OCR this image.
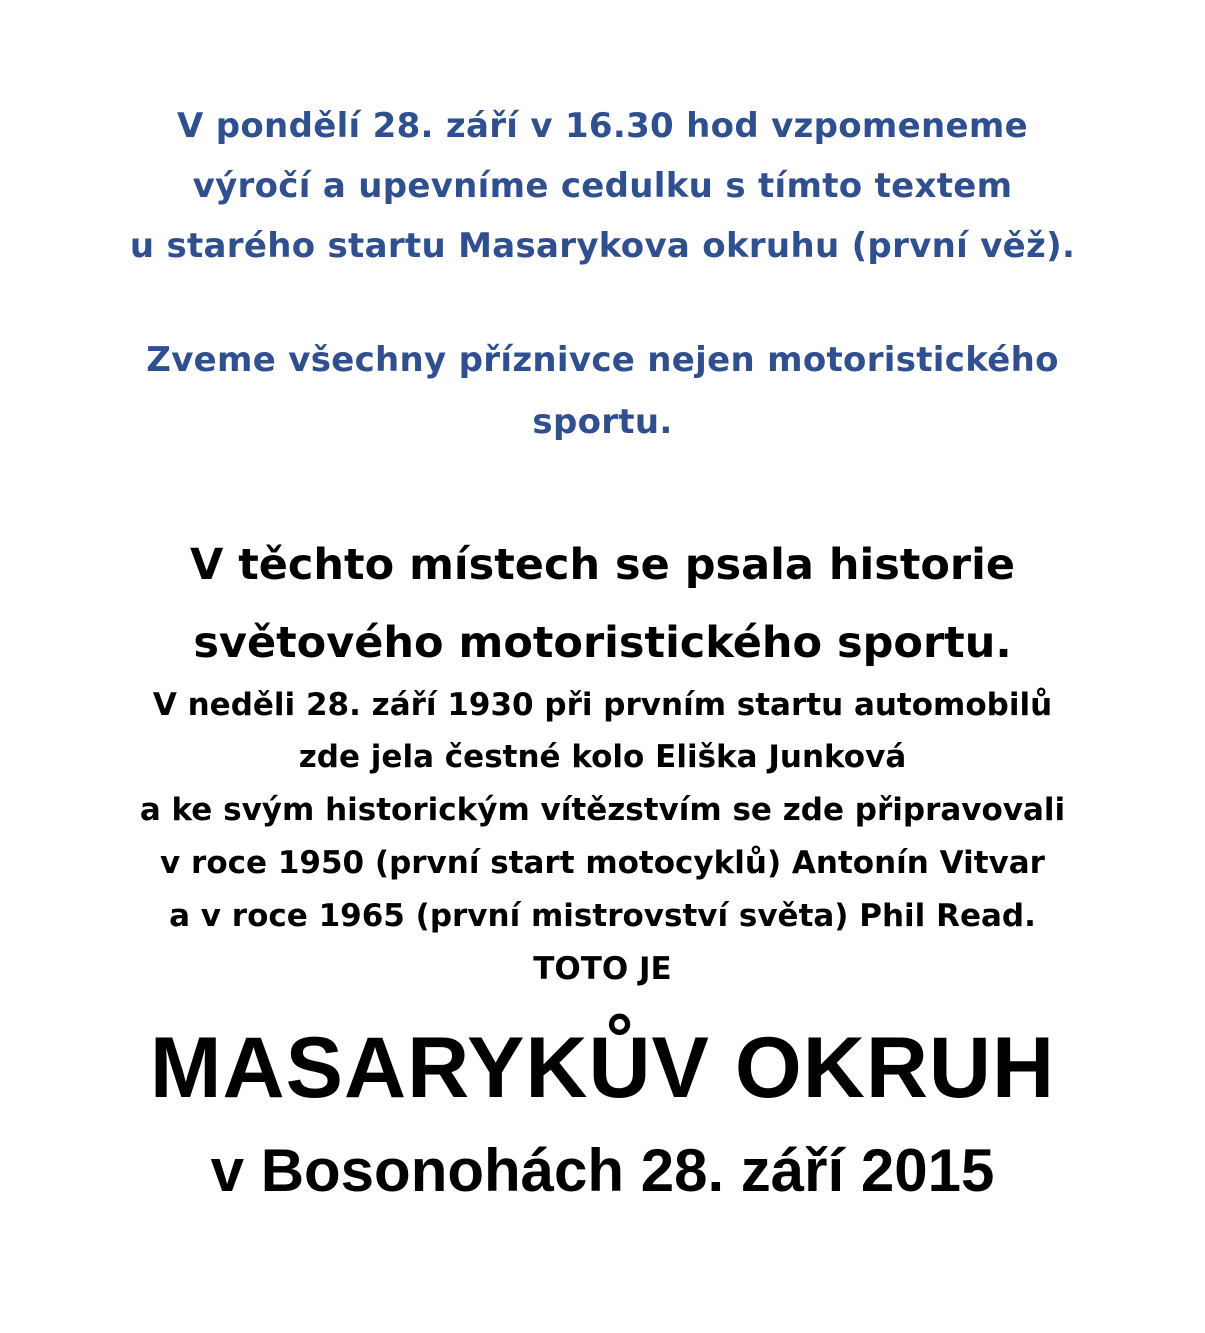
V pondělí 28. září v 16.30 hod vzpomeneme

výročí a upevníme cedulku s tímto textem

u starého startu Masarykova okruhu (první věž).

Zveme všechny příznivce nejen motoristického

sportu.

V těchto místech se psala historie

světového motoristického sportu.

V neděli 28. září 1930 při prvním startu automobilů

zde jela čestné kolo Eliška Junková

a ke svým historickým vítězstvím se zde připravovali

v roce 1950 (první start motocyklů) Antonín Vitvar

a v roce 1965 (první mistrovství světa) Phil Read.

TOTO JE

MASARYKŮV OKRUH

v Bosonohách 28. září 2015
